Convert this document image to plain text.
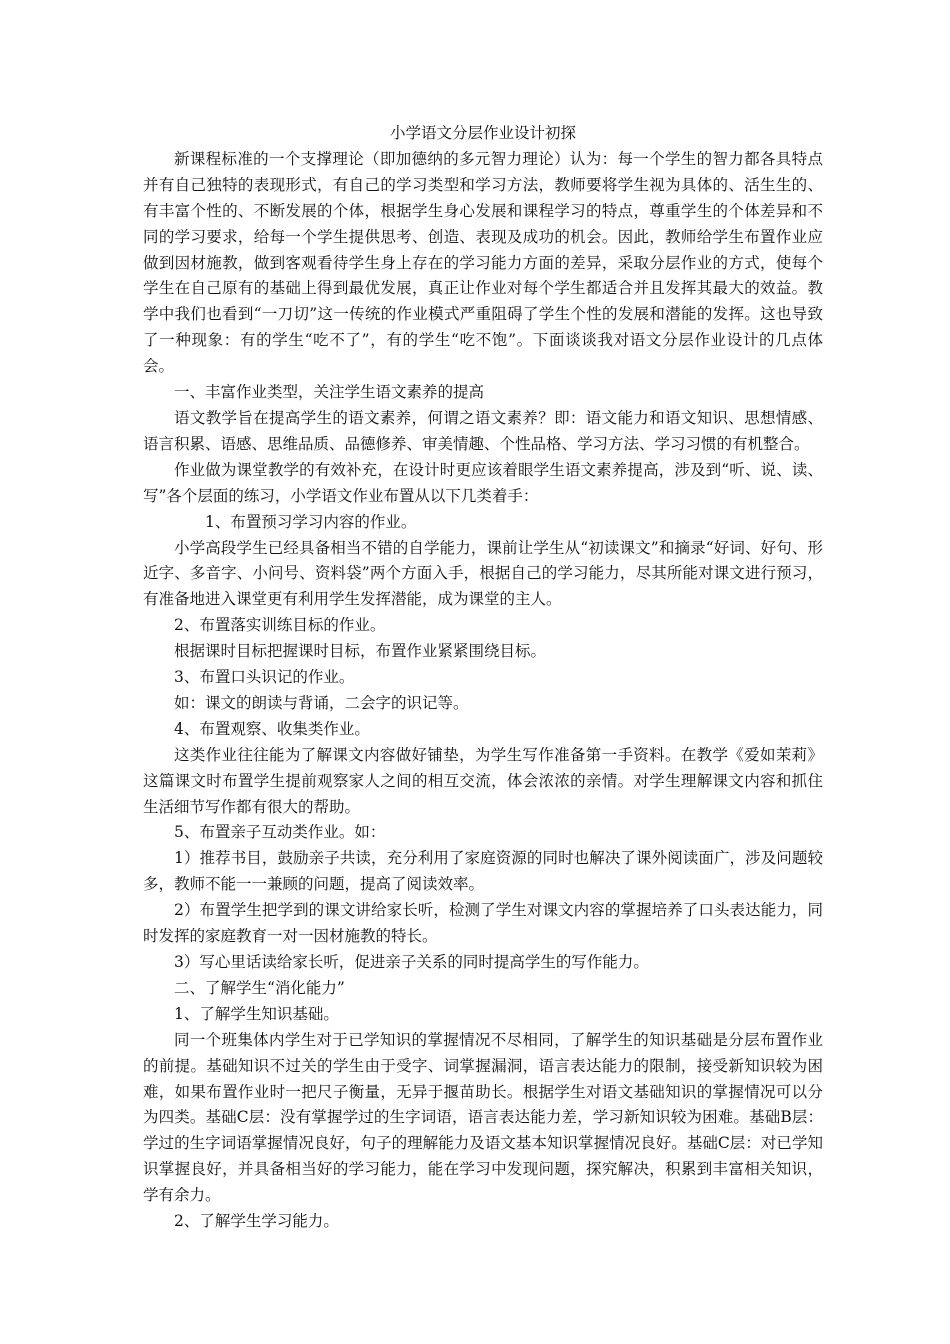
小学语文分层作业设计初探

新课程标准的一个支撑理论（即加德纳的多元智力理论）认为：每一个学生的智力都各具特点并有自己独特的表现形式，有自己的学习类型和学习方法，教师要将学生视为具体的、活生生的、有丰富个性的、不断发展的个体，根据学生身心发展和课程学习的特点，尊重学生的个体差异和不同的学习要求，给每一个学生提供思考、创造、表现及成功的机会。因此，教师给学生布置作业应做到因材施教，做到客观看待学生身上存在的学习能力方面的差异，采取分层作业的方式，使每个学生在自己原有的基础上得到最优发展，真正让作业对每个学生都适合并且发挥其最大的效益。教学中我们也看到“一刀切”这一传统的作业模式严重阻碍了学生个性的发展和潜能的发挥。这也导致了一种现象：有的学生“吃不了”，有的学生“吃不饱”。下面谈谈我对语文分层作业设计的几点体会。

一、丰富作业类型，关注学生语文素养的提高

语文教学旨在提高学生的语文素养，何谓之语文素养？即：语文能力和语文知识、思想情感、语言积累、语感、思维品质、品德修养、审美情趣、个性品格、学习方法、学习习惯的有机整合。

作业做为课堂教学的有效补充，在设计时更应该着眼学生语文素养提高，涉及到“听、说、读、写”各个层面的练习，小学语文作业布置从以下几类着手：

1、布置预习学习内容的作业。

小学高段学生已经具备相当不错的自学能力，课前让学生从“初读课文”和摘录“好词、好句、形近字、多音字、小问号、资料袋”两个方面入手，根据自己的学习能力，尽其所能对课文进行预习，有准备地进入课堂更有利用学生发挥潜能，成为课堂的主人。

2、布置落实训练目标的作业。

根据课时目标把握课时目标，布置作业紧紧围绕目标。

3、布置口头识记的作业。

如：课文的朗读与背诵，二会字的识记等。

4、布置观察、收集类作业。

这类作业往往能为了解课文内容做好铺垫，为学生写作准备第一手资料。在教学《爱如茉莉》这篇课文时布置学生提前观察家人之间的相互交流，体会浓浓的亲情。对学生理解课文内容和抓住生活细节写作都有很大的帮助。

5、布置亲子互动类作业。如：

1）推荐书目，鼓励亲子共读，充分利用了家庭资源的同时也解决了课外阅读面广，涉及问题较多，教师不能一一兼顾的问题，提高了阅读效率。

2）布置学生把学到的课文讲给家长听，检测了学生对课文内容的掌握培养了口头表达能力，同时发挥的家庭教育一对一因材施教的特长。

3）写心里话读给家长听，促进亲子关系的同时提高学生的写作能力。

二、了解学生“消化能力”

1、了解学生知识基础。

同一个班集体内学生对于已学知识的掌握情况不尽相同，了解学生的知识基础是分层布置作业的前提。基础知识不过关的学生由于受字、词掌握漏洞，语言表达能力的限制，接受新知识较为困难，如果布置作业时一把尺子衡量，无异于揠苗助长。根据学生对语文基础知识的掌握情况可以分为四类。基础C层：没有掌握学过的生字词语，语言表达能力差，学习新知识较为困难。基础B层：学过的生字词语掌握情况良好，句子的理解能力及语文基本知识掌握情况良好。基础C层：对已学知识掌握良好，并具备相当好的学习能力，能在学习中发现问题，探究解决，积累到丰富相关知识，学有余力。

2、了解学生学习能力。
